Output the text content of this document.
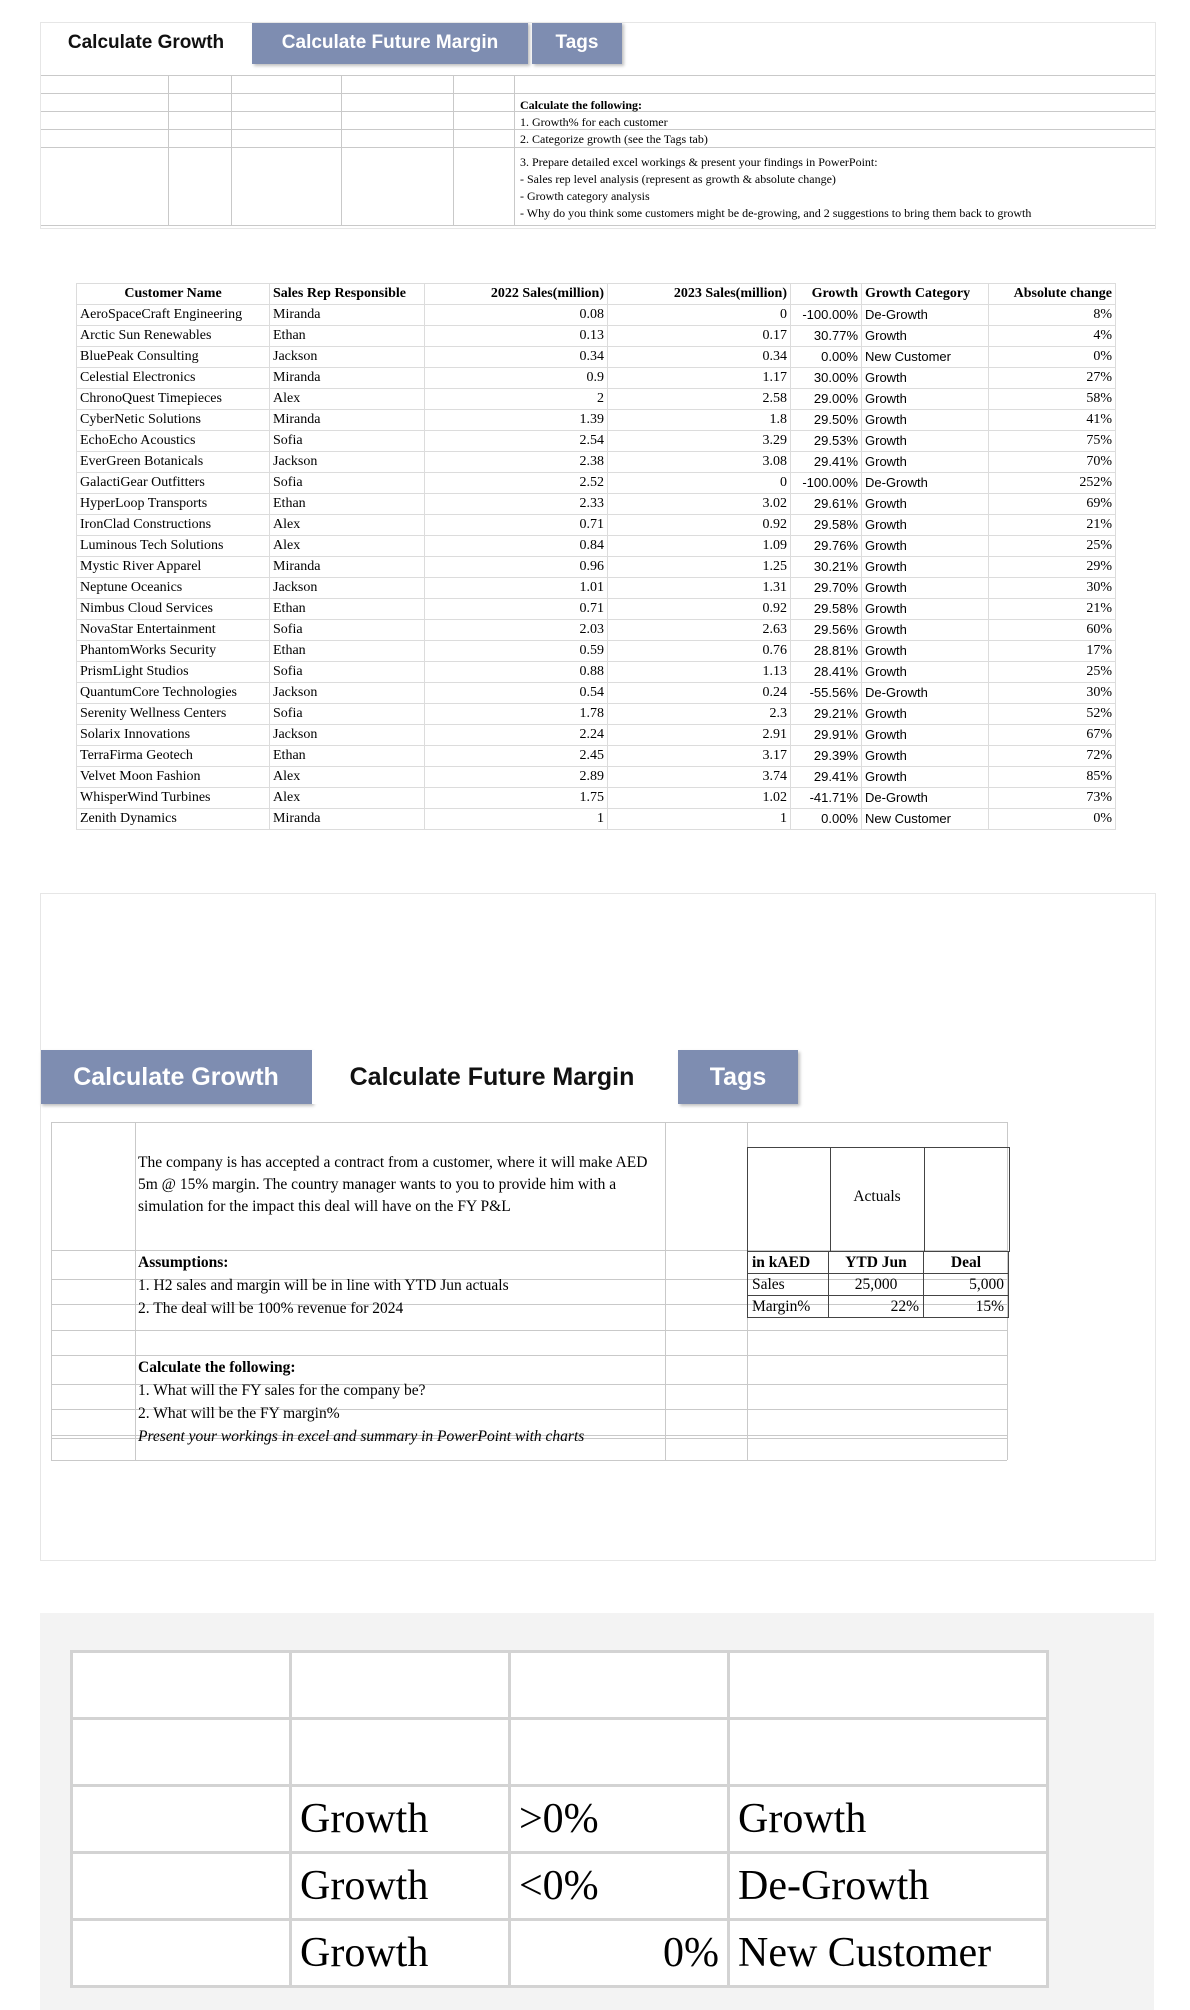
Calculate Growth	Calculate Future Margin	Tags
Calculate the following:
1. Growth% for each customer
2. Categorize growth (see the Tags tab)
3. Prepare detailed excel workings & present your findings in PowerPoint:
- Sales rep level analysis (represent as growth & absolute change)
- Growth category analysis
- Why do you think some customers might be de-growing, and 2 suggestions to bring them back to growth
Customer Name	Sales Rep Responsible	2022 Sales(million)	2023 Sales(million)	Growth	Growth Category	Absolute change
AeroSpaceCraft Engineering	Miranda	0.08	0	-100.00%	De-Growth	8%
Arctic Sun Renewables	Ethan	0.13	0.17	30.77%	Growth	4%
BluePeak Consulting	Jackson	0.34	0.34	0.00%	New Customer	0%
Celestial Electronics	Miranda	0.9	1.17	30.00%	Growth	27%
ChronoQuest Timepieces	Alex	2	2.58	29.00%	Growth	58%
CyberNetic Solutions	Miranda	1.39	1.8	29.50%	Growth	41%
EchoEcho Acoustics	Sofia	2.54	3.29	29.53%	Growth	75%
EverGreen Botanicals	Jackson	2.38	3.08	29.41%	Growth	70%
GalactiGear Outfitters	Sofia	2.52	0	-100.00%	De-Growth	252%
HyperLoop Transports	Ethan	2.33	3.02	29.61%	Growth	69%
IronClad Constructions	Alex	0.71	0.92	29.58%	Growth	21%
Luminous Tech Solutions	Alex	0.84	1.09	29.76%	Growth	25%
Mystic River Apparel	Miranda	0.96	1.25	30.21%	Growth	29%
Neptune Oceanics	Jackson	1.01	1.31	29.70%	Growth	30%
Nimbus Cloud Services	Ethan	0.71	0.92	29.58%	Growth	21%
NovaStar Entertainment	Sofia	2.03	2.63	29.56%	Growth	60%
PhantomWorks Security	Ethan	0.59	0.76	28.81%	Growth	17%
PrismLight Studios	Sofia	0.88	1.13	28.41%	Growth	25%
QuantumCore Technologies	Jackson	0.54	0.24	-55.56%	De-Growth	30%
Serenity Wellness Centers	Sofia	1.78	2.3	29.21%	Growth	52%
Solarix Innovations	Jackson	2.24	2.91	29.91%	Growth	67%
TerraFirma Geotech	Ethan	2.45	3.17	29.39%	Growth	72%
Velvet Moon Fashion	Alex	2.89	3.74	29.41%	Growth	85%
WhisperWind Turbines	Alex	1.75	1.02	-41.71%	De-Growth	73%
Zenith Dynamics	Miranda	1	1	0.00%	New Customer	0%
Calculate Growth	Calculate Future Margin	Tags
The company is has accepted a contract from a customer, where it will make AED 5m @ 15% margin. The country manager wants to you to provide him with a simulation for the impact this deal will have on the FY P&L
Assumptions:
1. H2 sales and margin will be in line with YTD Jun actuals
2. The deal will be 100% revenue for 2024
Calculate the following:
1. What will the FY sales for the company be?
2. What will be the FY margin%
Present your workings in excel and summary in PowerPoint with charts
Actuals
in kAED	YTD Jun	Deal
Sales	25,000	5,000
Margin%	22%	15%

	Growth	>0%	Growth
	Growth	<0%	De-Growth
	Growth	0%	New Customer
